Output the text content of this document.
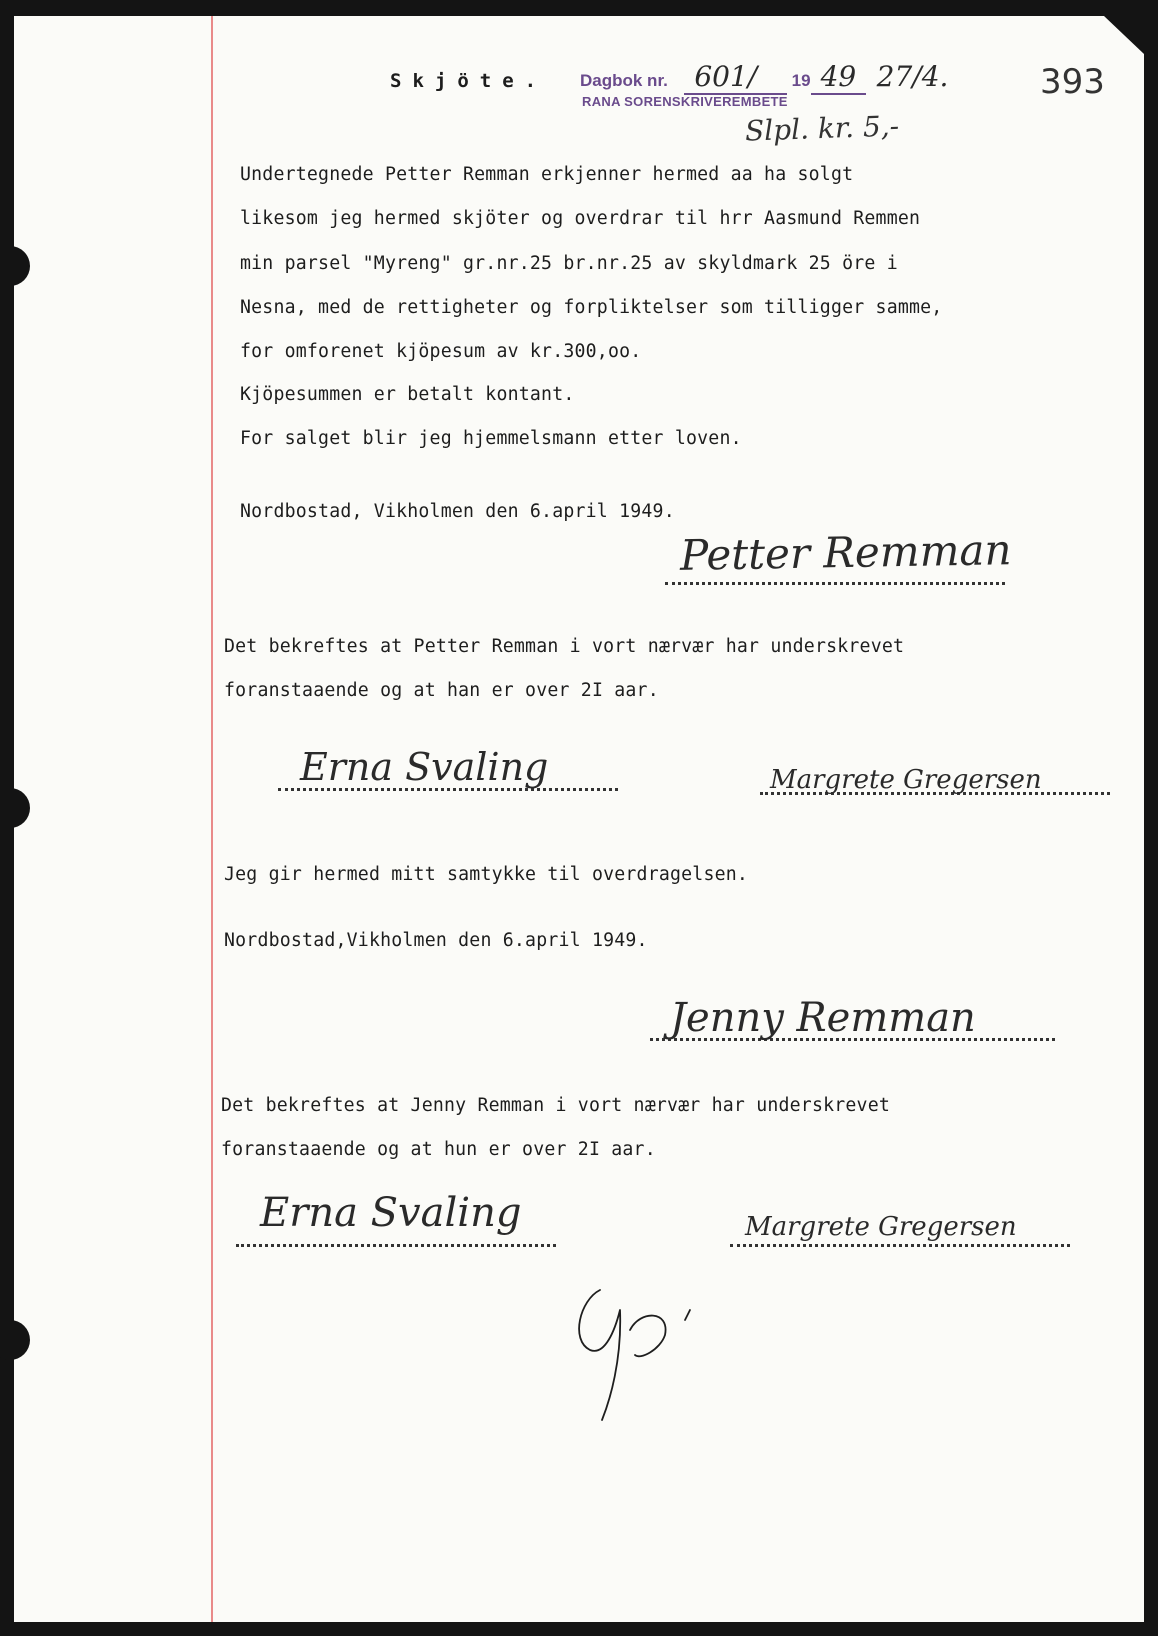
Skjöte. Dagbok nr. 601/ 19 49 27/4.
RANA SORENSKRIVEREMBETE	393
Slpl. kr. 5,-
Undertegnede Petter Remman erkjenner hermed aa ha solgt
likesom jeg hermed skjöter og overdrar til hrr Aasmund Remmen
min parsel "Myreng" gr.nr.25 br.nr.25 av skyldmark 25 öre i
Nesna, med de rettigheter og forpliktelser som tilligger samme,
for omforenet kjöpesum av kr.300,oo.
Kjöpesummen er betalt kontant.
For salget blir jeg hjemmelsmann etter loven.
Nordbostad, Vikholmen den 6.april 1949.
Petter Remman
Det bekreftes at Petter Remman i vort nærvær har underskrevet
foranstaaende og at han er over 2I aar.
Erna Svaling	Margrete Gregersen
Jeg gir hermed mitt samtykke til overdragelsen.
Nordbostad,Vikholmen den 6.april 1949.
Jenny Remman
Det bekreftes at Jenny Remman i vort nærvær har underskrevet
foranstaaende og at hun er over 2I aar.
Erna Svaling	Margrete Gregersen
